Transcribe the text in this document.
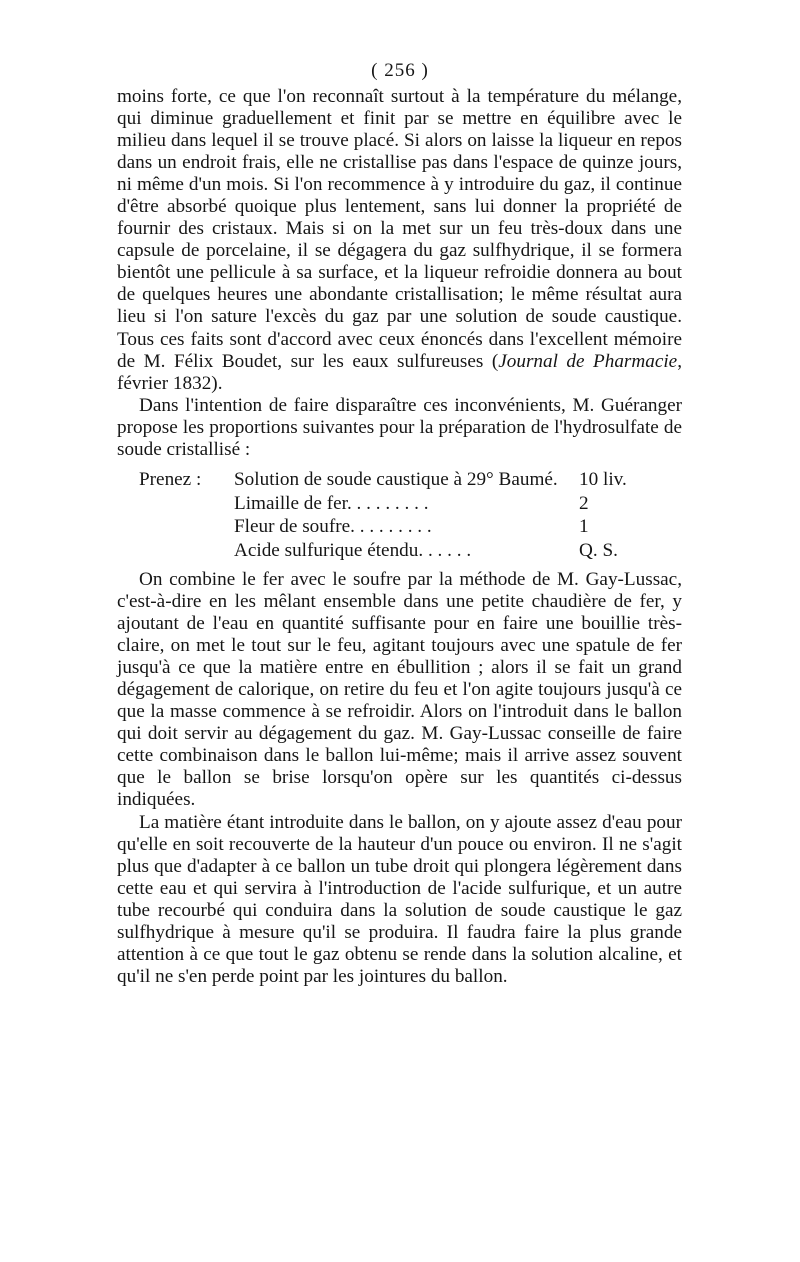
( 256 )

moins forte, ce que l'on reconnaît surtout à la température du mélange, qui diminue graduellement et finit par se mettre en équilibre avec le milieu dans lequel il se trouve placé. Si alors on laisse la liqueur en repos dans un endroit frais, elle ne cristallise pas dans l'espace de quinze jours, ni même d'un mois. Si l'on recommence à y introduire du gaz, il continue d'être absorbé quoique plus lentement, sans lui donner la propriété de fournir des cristaux. Mais si on la met sur un feu très-doux dans une capsule de porcelaine, il se dégagera du gaz sulfhydrique, il se formera bientôt une pellicule à sa surface, et la liqueur refroidie donnera au bout de quelques heures une abondante cristallisation; le même résultat aura lieu si l'on sature l'excès du gaz par une solution de soude caustique. Tous ces faits sont d'accord avec ceux énoncés dans l'excellent mémoire de M. Félix Boudet, sur les eaux sulfureuses (Journal de Pharmacie, février 1832).

Dans l'intention de faire disparaître ces inconvénients, M. Guéranger propose les proportions suivantes pour la préparation de l'hydrosulfate de soude cristallisé :

Prenez :	Solution de soude caustique à 29° Baumé.	10 liv.
Limaille de fer. . . . . . . . .	2
Fleur de soufre. . . . . . . . .	1
Acide sulfurique étendu. . . . . .	Q. S.

On combine le fer avec le soufre par la méthode de M. Gay-Lussac, c'est-à-dire en les mêlant ensemble dans une petite chaudière de fer, y ajoutant de l'eau en quantité suffisante pour en faire une bouillie très-claire, on met le tout sur le feu, agitant toujours avec une spatule de fer jusqu'à ce que la matière entre en ébullition ; alors il se fait un grand dégagement de calorique, on retire du feu et l'on agite toujours jusqu'à ce que la masse commence à se refroidir. Alors on l'introduit dans le ballon qui doit servir au dégagement du gaz. M. Gay-Lussac conseille de faire cette combinaison dans le ballon lui-même; mais il arrive assez souvent que le ballon se brise lorsqu'on opère sur les quantités ci-dessus indiquées.

La matière étant introduite dans le ballon, on y ajoute assez d'eau pour qu'elle en soit recouverte de la hauteur d'un pouce ou environ. Il ne s'agit plus que d'adapter à ce ballon un tube droit qui plongera légèrement dans cette eau et qui servira à l'introduction de l'acide sulfurique, et un autre tube recourbé qui conduira dans la solution de soude caustique le gaz sulfhydrique à mesure qu'il se produira. Il faudra faire la plus grande attention à ce que tout le gaz obtenu se rende dans la solution alcaline, et qu'il ne s'en perde point par les jointures du ballon.
